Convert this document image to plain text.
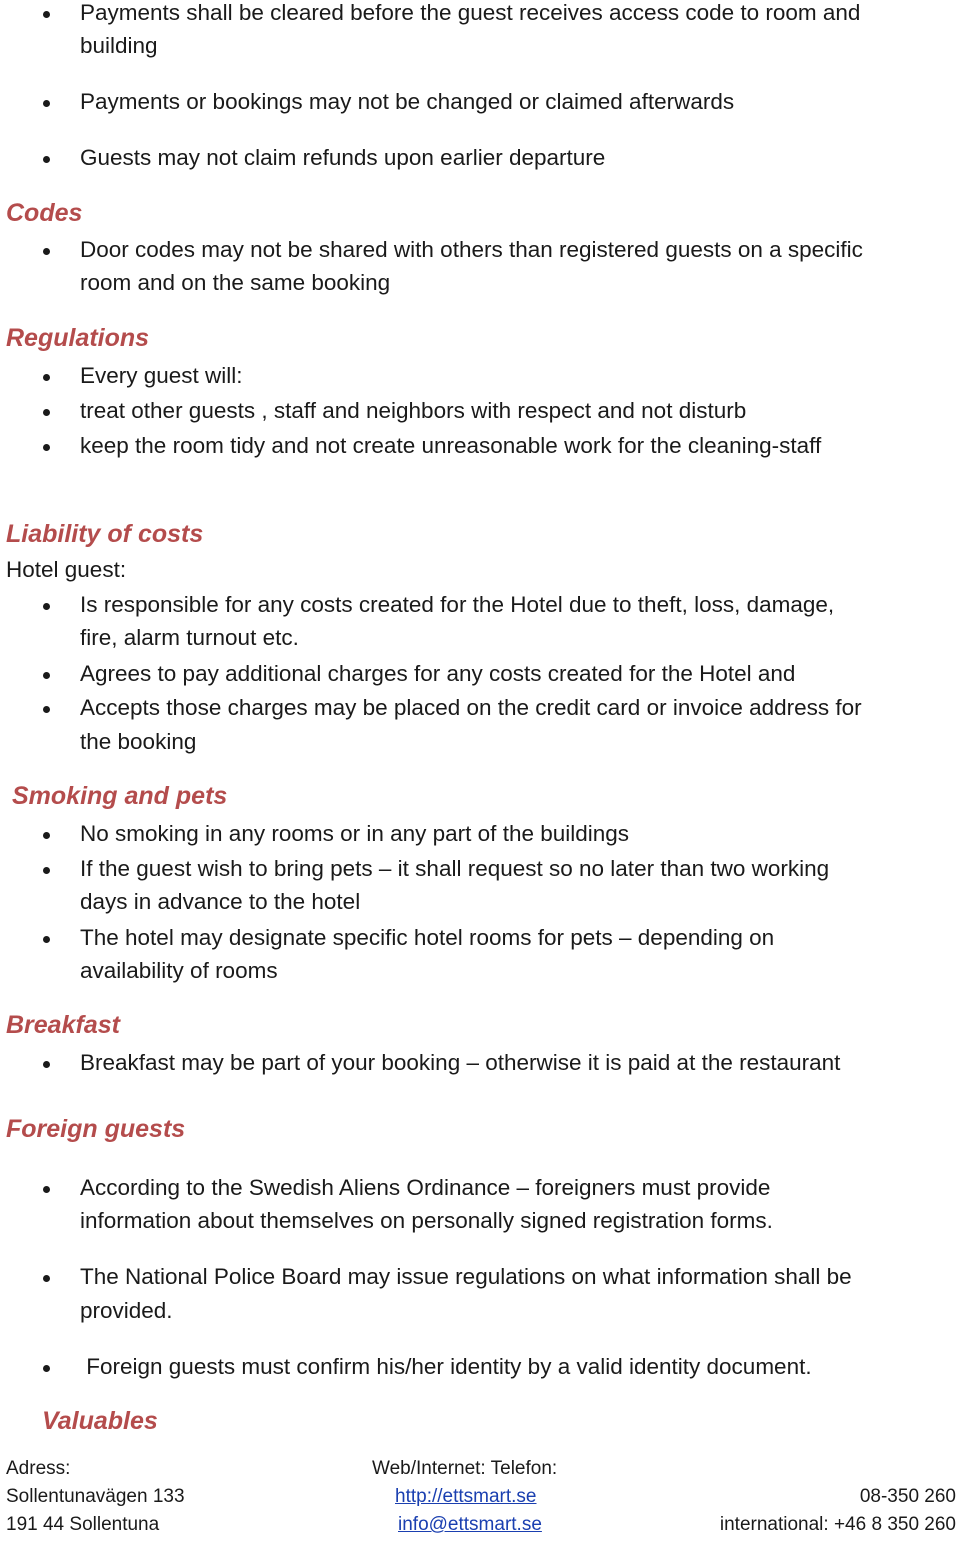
Payments shall be cleared before the guest receives access code to room and
building
Payments or bookings may not be changed or claimed afterwards
Guests may not claim refunds upon earlier departure
Codes
Door codes may not be shared with others than registered guests on a specific
room and on the same booking
Regulations
Every guest will:
treat other guests , staff and neighbors with respect and not disturb
keep the room tidy and not create unreasonable work for the cleaning-staff
Liability of costs
Hotel guest:
Is responsible for any costs created for the Hotel due to theft, loss, damage,
fire, alarm turnout etc.
Agrees to pay additional charges for any costs created for the Hotel and
Accepts those charges may be placed on the credit card or invoice address for
the booking
Smoking and pets
No smoking in any rooms or in any part of the buildings
If the guest wish to bring pets – it shall request so no later than two working
days in advance to the hotel
The hotel may designate specific hotel rooms for pets – depending on
availability of rooms
Breakfast
Breakfast may be part of your booking – otherwise it is paid at the restaurant
Foreign guests
According to the Swedish Aliens Ordinance – foreigners must provide
information about themselves on personally signed registration forms.
The National Police Board may issue regulations on what information shall be
provided.
Foreign guests must confirm his/her identity by a valid identity document.
Valuables
Adress:
Sollentunavägen 133
191 44 Sollentuna
Web/Internet: Telefon:
http://ettsmart.se
info@ettsmart.se
08-350 260
international: +46 8 350 260
